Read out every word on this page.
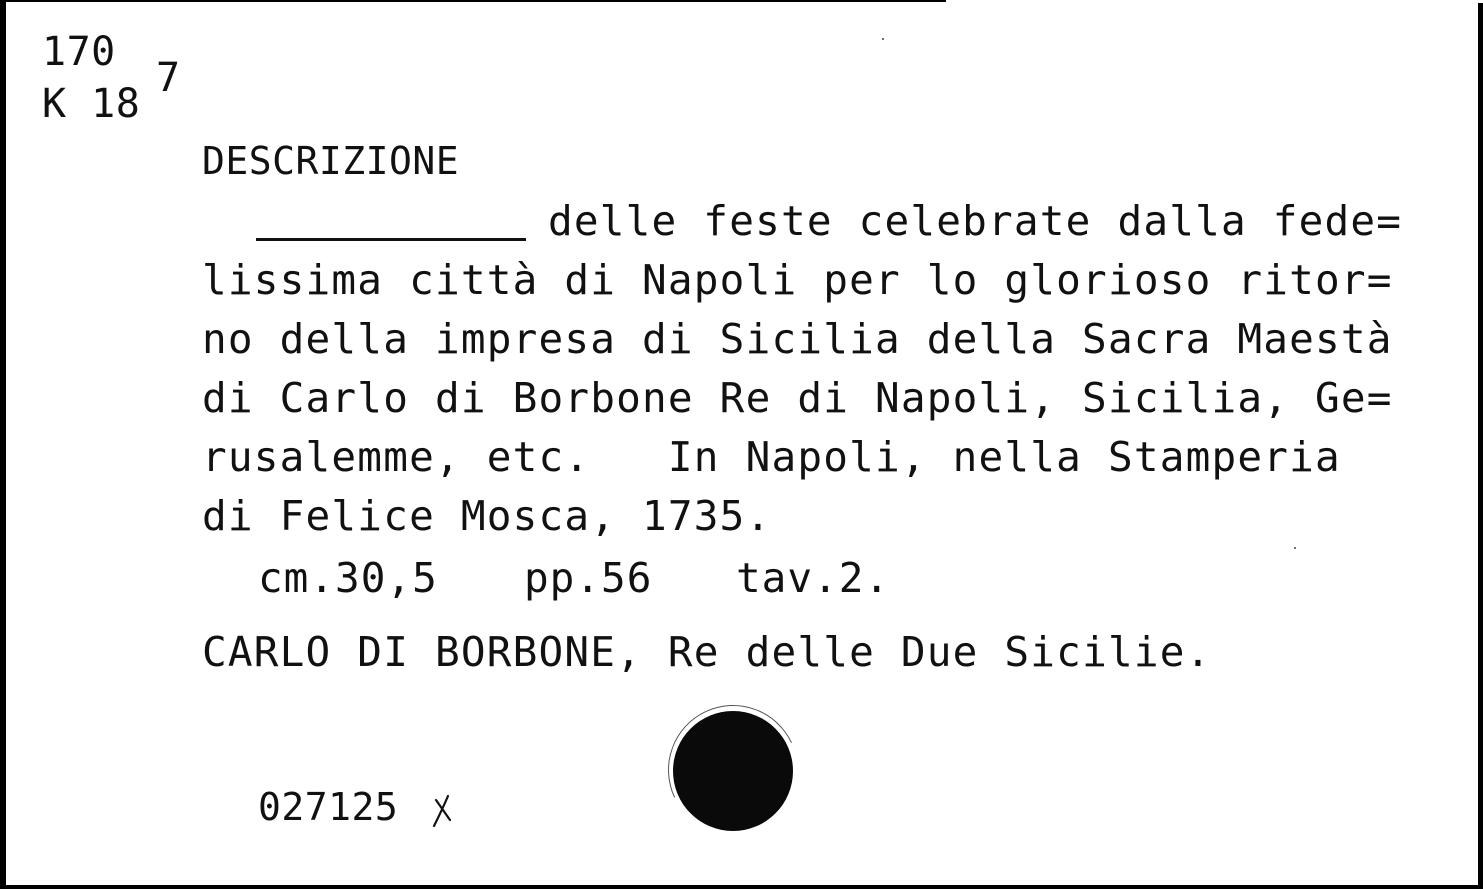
170
K 18
7
DESCRIZIONE
delle feste celebrate dalla fede=
lissima città di Napoli per lo glorioso ritor=
no della impresa di Sicilia della Sacra Maestà
di Carlo di Borbone Re di Napoli, Sicilia, Ge=
rusalemme, etc.   In Napoli, nella Stamperia
di Felice Mosca, 1735.
cm.30,5 pp.56 tav.2.
CARLO DI BORBONE, Re delle Due Sicilie.
027125
